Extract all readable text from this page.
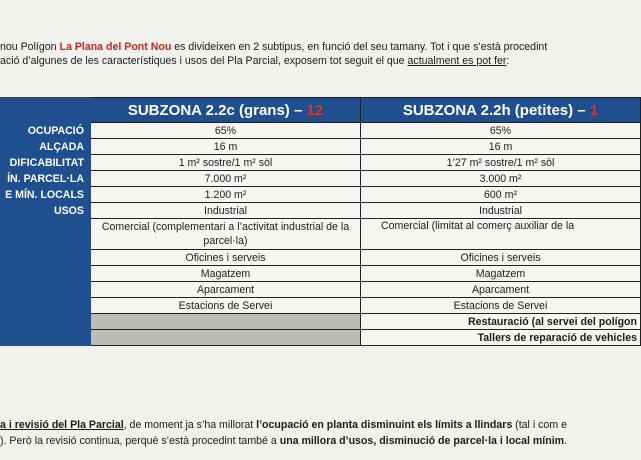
nou Polígon La Plana del Pont Nou es divideixen en 2 subtipus, en funció del seu tamany. Tot i que s’està procedint
ació d’algunes de les característiques i usos del Pla Parcial, exposem tot seguit el que actualment es pot fer:
	SUBZONA 2.2c (grans) – 12	SUBZONA 2.2h (petites) – 1
OCUPACIÓ	65%	65%
ALÇADA	16 m	16 m
DIFICABILITAT	1 m² sostre/1 m² sòl	1’27 m² sostre/1 m² sòl
ÍN. PARCEL·LA	7.000 m²	3.000 m²
E MÍN. LOCALS	1.200 m²	600 m²
USOS	Industrial	Industrial
	Comercial (complementari a l’activitat industrial de la parcel·la)	Comercial (limitat al comerç auxiliar de la
	Oficines i serveis	Oficines i serveis
	Magatzem	Magatzem
	Aparcament	Aparcament
	Estacions de Servei	Estacions de Servei
		Restauració (al servei del polígon
		Tallers de reparació de vehicles
a i revisió del Pla Parcial, de moment ja s’ha millorat l’ocupació en planta disminuint els límits a llindars (tal i com e
). Però la revisió continua, perquè s’està procedint també a una millora d’usos, disminució de parcel·la i local mínim.
